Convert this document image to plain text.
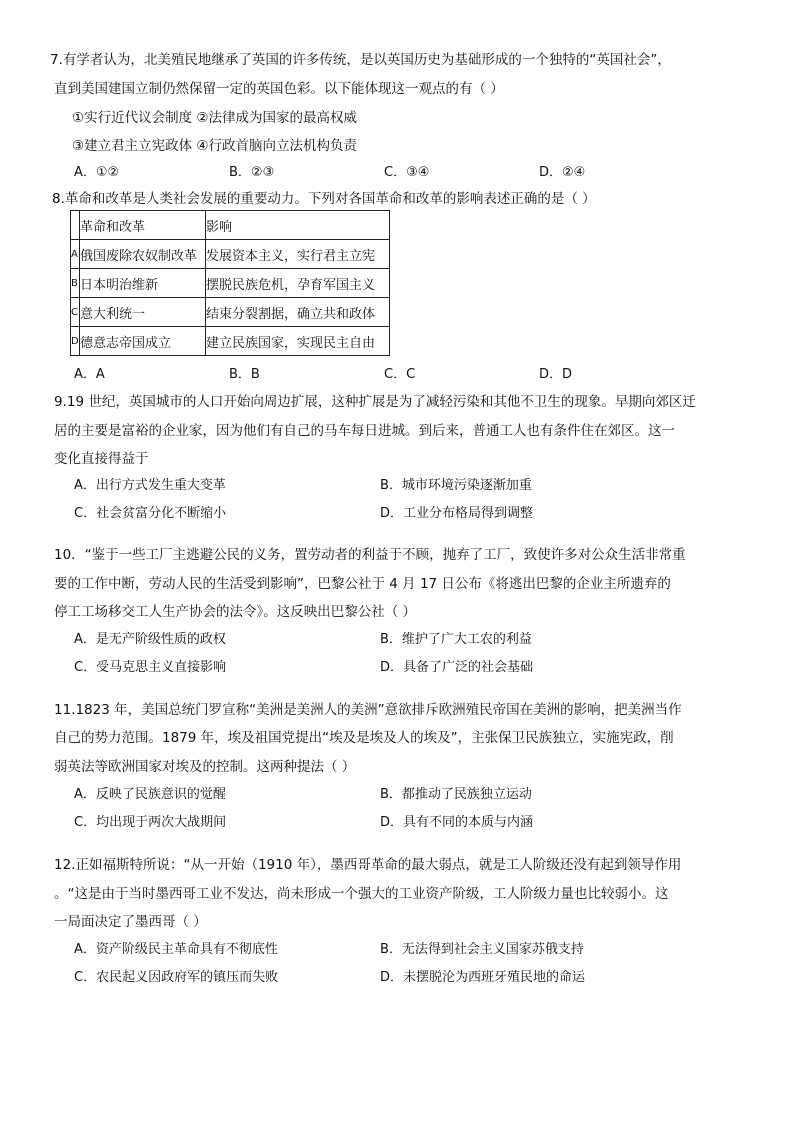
7.有学者认为，北美殖民地继承了英国的许多传统，是以英国历史为基础形成的一个独特的“英国社会”，
直到美国建国立制仍然保留一定的英国色彩。以下能体现这一观点的有（ ）
①实行近代议会制度 ②法律成为国家的最高权威
③建立君主立宪政体 ④行政首脑向立法机构负责
A．①②	B．②③	C．③④	D．②④
8.革命和改革是人类社会发展的重要动力。下列对各国革命和改革的影响表述正确的是（ ）
	革命和改革	影响
A	俄国废除农奴制改革	发展资本主义，实行君主立宪
B	日本明治维新	摆脱民族危机，孕育军国主义
C	意大利统一	结束分裂割据，确立共和政体
D	德意志帝国成立	建立民族国家，实现民主自由
A．A	B．B	C．C	D．D
9.19 世纪，英国城市的人口开始向周边扩展，这种扩展是为了减轻污染和其他不卫生的现象。早期向郊区迁
居的主要是富裕的企业家，因为他们有自己的马车每日进城。到后来，普通工人也有条件住在郊区。这一
变化直接得益于
A．出行方式发生重大变革	B．城市环境污染逐渐加重
C．社会贫富分化不断缩小	D．工业分布格局得到调整
10．“鉴于一些工厂主逃避公民的义务，置劳动者的利益于不顾，抛弃了工厂，致使许多对公众生活非常重
要的工作中断，劳动人民的生活受到影响”，巴黎公社于 4 月 17 日公布《将逃出巴黎的企业主所遗弃的
停工工场移交工人生产协会的法令》。这反映出巴黎公社（ ）
A．是无产阶级性质的政权	B．维护了广大工农的利益
C．受马克思主义直接影响	D．具备了广泛的社会基础
11.1823 年，美国总统门罗宣称“美洲是美洲人的美洲”意欲排斥欧洲殖民帝国在美洲的影响，把美洲当作
自己的势力范围。1879 年，埃及祖国党提出“埃及是埃及人的埃及”，主张保卫民族独立，实施宪政，削
弱英法等欧洲国家对埃及的控制。这两种提法（ ）
A．反映了民族意识的觉醒	B．都推动了民族独立运动
C．均出现于两次大战期间	D．具有不同的本质与内涵
12.正如福斯特所说：“从一开始（1910 年），墨西哥革命的最大弱点，就是工人阶级还没有起到领导作用
。“这是由于当时墨西哥工业不发达，尚未形成一个强大的工业资产阶级，工人阶级力量也比较弱小。这
一局面决定了墨西哥（ ）
A．资产阶级民主革命具有不彻底性	B．无法得到社会主义国家苏俄支持
C．农民起义因政府军的镇压而失败	D．未摆脱沦为西班牙殖民地的命运
